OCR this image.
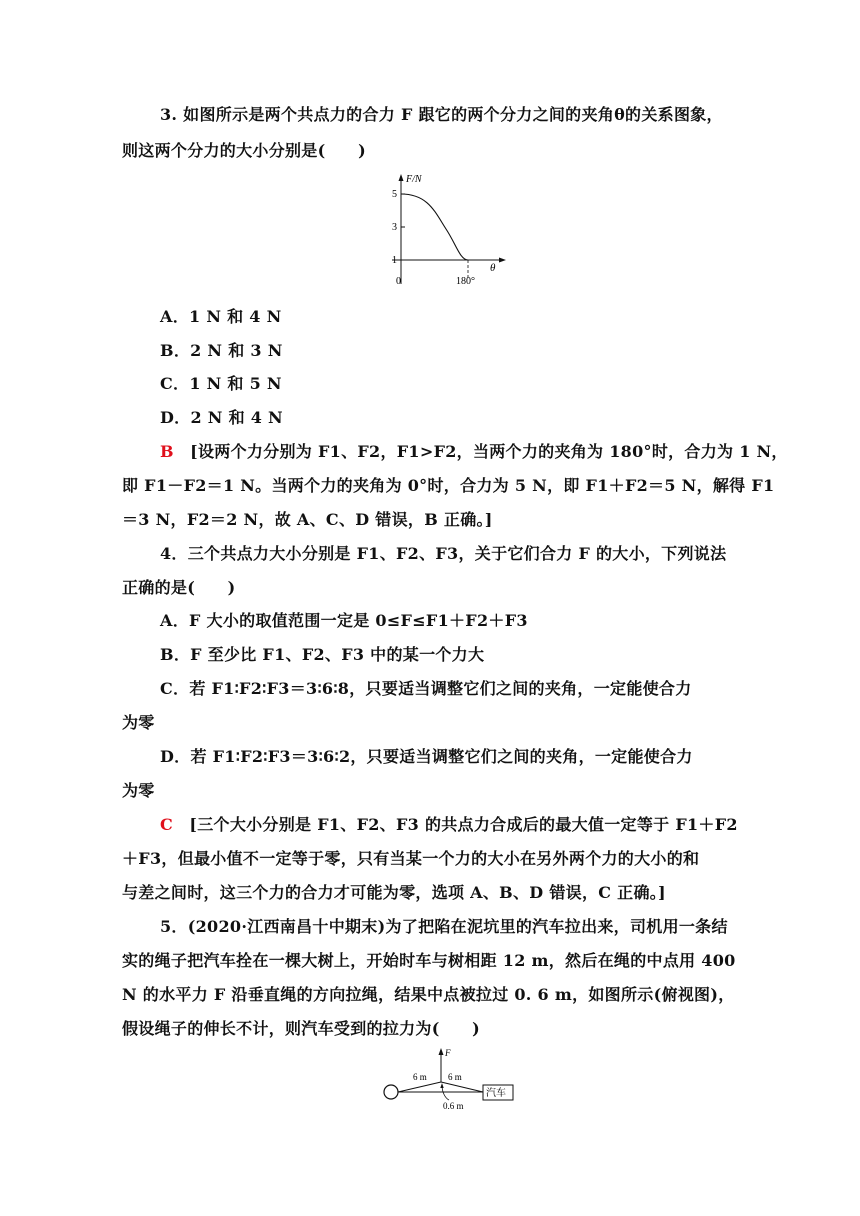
3. 如图所示是两个共点力的合力 F 跟它的两个分力之间的夹角θ的关系图象，
则这两个分力的大小分别是(　　)
F/N
θ
5
3
1
0	180°
A．1 N 和 4 N
B．2 N 和 3 N
C．1 N 和 5 N
D．2 N 和 4 N
B　 [设两个力分别为 F1、F2，F1>F2，当两个力的夹角为 180°时，合力为 1 N，
即 F1－F2＝1 N。当两个力的夹角为 0°时，合力为 5 N，即 F1＋F2＝5 N，解得 F1
＝3 N，F2＝2 N，故 A、C、D 错误，B 正确。]
4．三个共点力大小分别是 F1、F2、F3，关于它们合力 F 的大小，下列说法
正确的是(　　)
A．F 大小的取值范围一定是 0≤F≤F1＋F2＋F3
B．F 至少比 F1、F2、F3 中的某一个力大
C．若 F1∶F2∶F3＝3∶6∶8，只要适当调整它们之间的夹角，一定能使合力
为零
D．若 F1∶F2∶F3＝3∶6∶2，只要适当调整它们之间的夹角，一定能使合力
为零
C　 [三个大小分别是 F1、F2、F3 的共点力合成后的最大值一定等于 F1＋F2
＋F3，但最小值不一定等于零，只有当某一个力的大小在另外两个力的大小的和
与差之间时，这三个力的合力才可能为零，选项 A、B、D 错误，C 正确。]
5．(2020·江西南昌十中期末)为了把陷在泥坑里的汽车拉出来，司机用一条结
实的绳子把汽车拴在一棵大树上，开始时车与树相距 12 m，然后在绳的中点用 400
N 的水平力 F 沿垂直绳的方向拉绳，结果中点被拉过 0. 6 m，如图所示(俯视图)，
假设绳子的伸长不计，则汽车受到的拉力为(　　)
F
6 m 6 m
0.6 m
汽车
